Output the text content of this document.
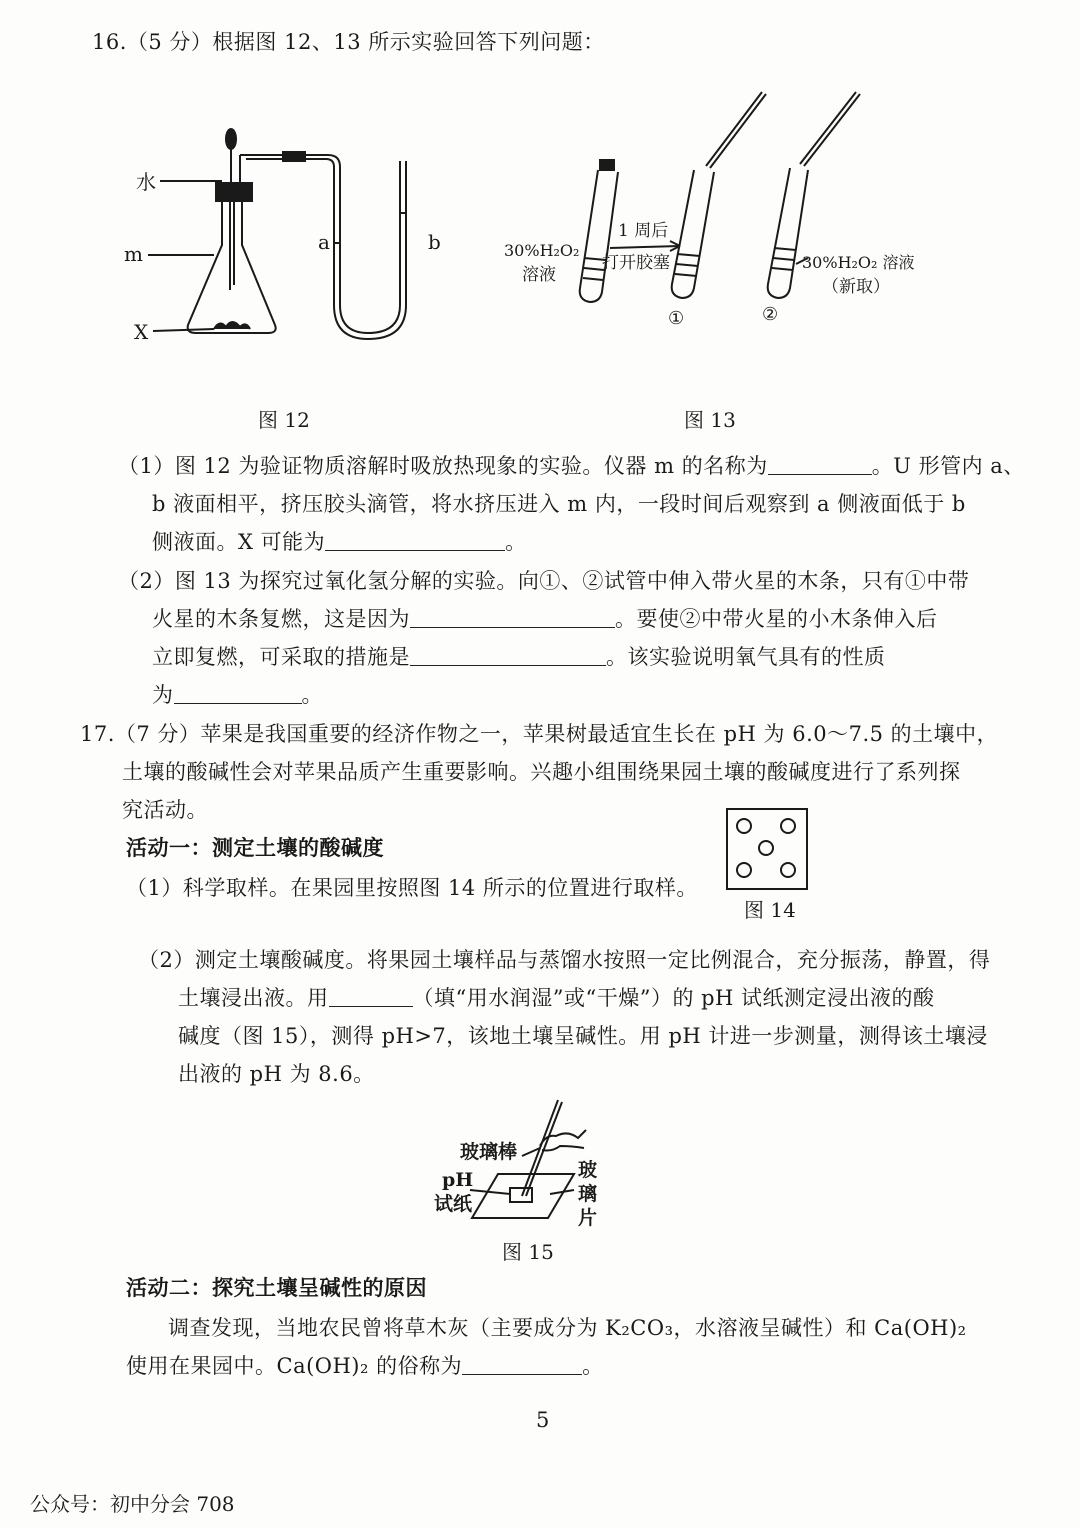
16.（5 分）根据图 12、13 所示实验回答下列问题：
水
m
X
a	b
图 12
30%H₂O₂
溶液
1 周后
打开胶塞
①	②
30%H₂O₂ 溶液
（新取）
图 13
（1）图 12 为验证物质溶解时吸放热现象的实验。仪器 m 的名称为	。U 形管内 a、
b 液面相平，挤压胶头滴管，将水挤压进入 m 内，一段时间后观察到 a 侧液面低于 b
侧液面。X 可能为	。
（2）图 13 为探究过氧化氢分解的实验。向①、②试管中伸入带火星的木条，只有①中带
火星的木条复燃，这是因为	。要使②中带火星的小木条伸入后
立即复燃，可采取的措施是	。该实验说明氧气具有的性质
为	。
17.（7 分）苹果是我国重要的经济作物之一，苹果树最适宜生长在 pH 为 6.0～7.5 的土壤中，
土壤的酸碱性会对苹果品质产生重要影响。兴趣小组围绕果园土壤的酸碱度进行了系列探
究活动。
活动一：测定土壤的酸碱度
（1）科学取样。在果园里按照图 14 所示的位置进行取样。
图 14
（2）测定土壤酸碱度。将果园土壤样品与蒸馏水按照一定比例混合，充分振荡，静置，得
土壤浸出液。用	（填“用水润湿”或“干燥”）的 pH 试纸测定浸出液的酸
碱度（图 15），测得 pH>7，该地土壤呈碱性。用 pH 计进一步测量，测得该土壤浸
出液的 pH 为 8.6。
玻璃棒
pH
试纸
玻
璃
片
图 15
活动二：探究土壤呈碱性的原因
调查发现，当地农民曾将草木灰（主要成分为 K₂CO₃，水溶液呈碱性）和 Ca(OH)₂
使用在果园中。Ca(OH)₂ 的俗称为	。
5
公众号：初中分会 708
